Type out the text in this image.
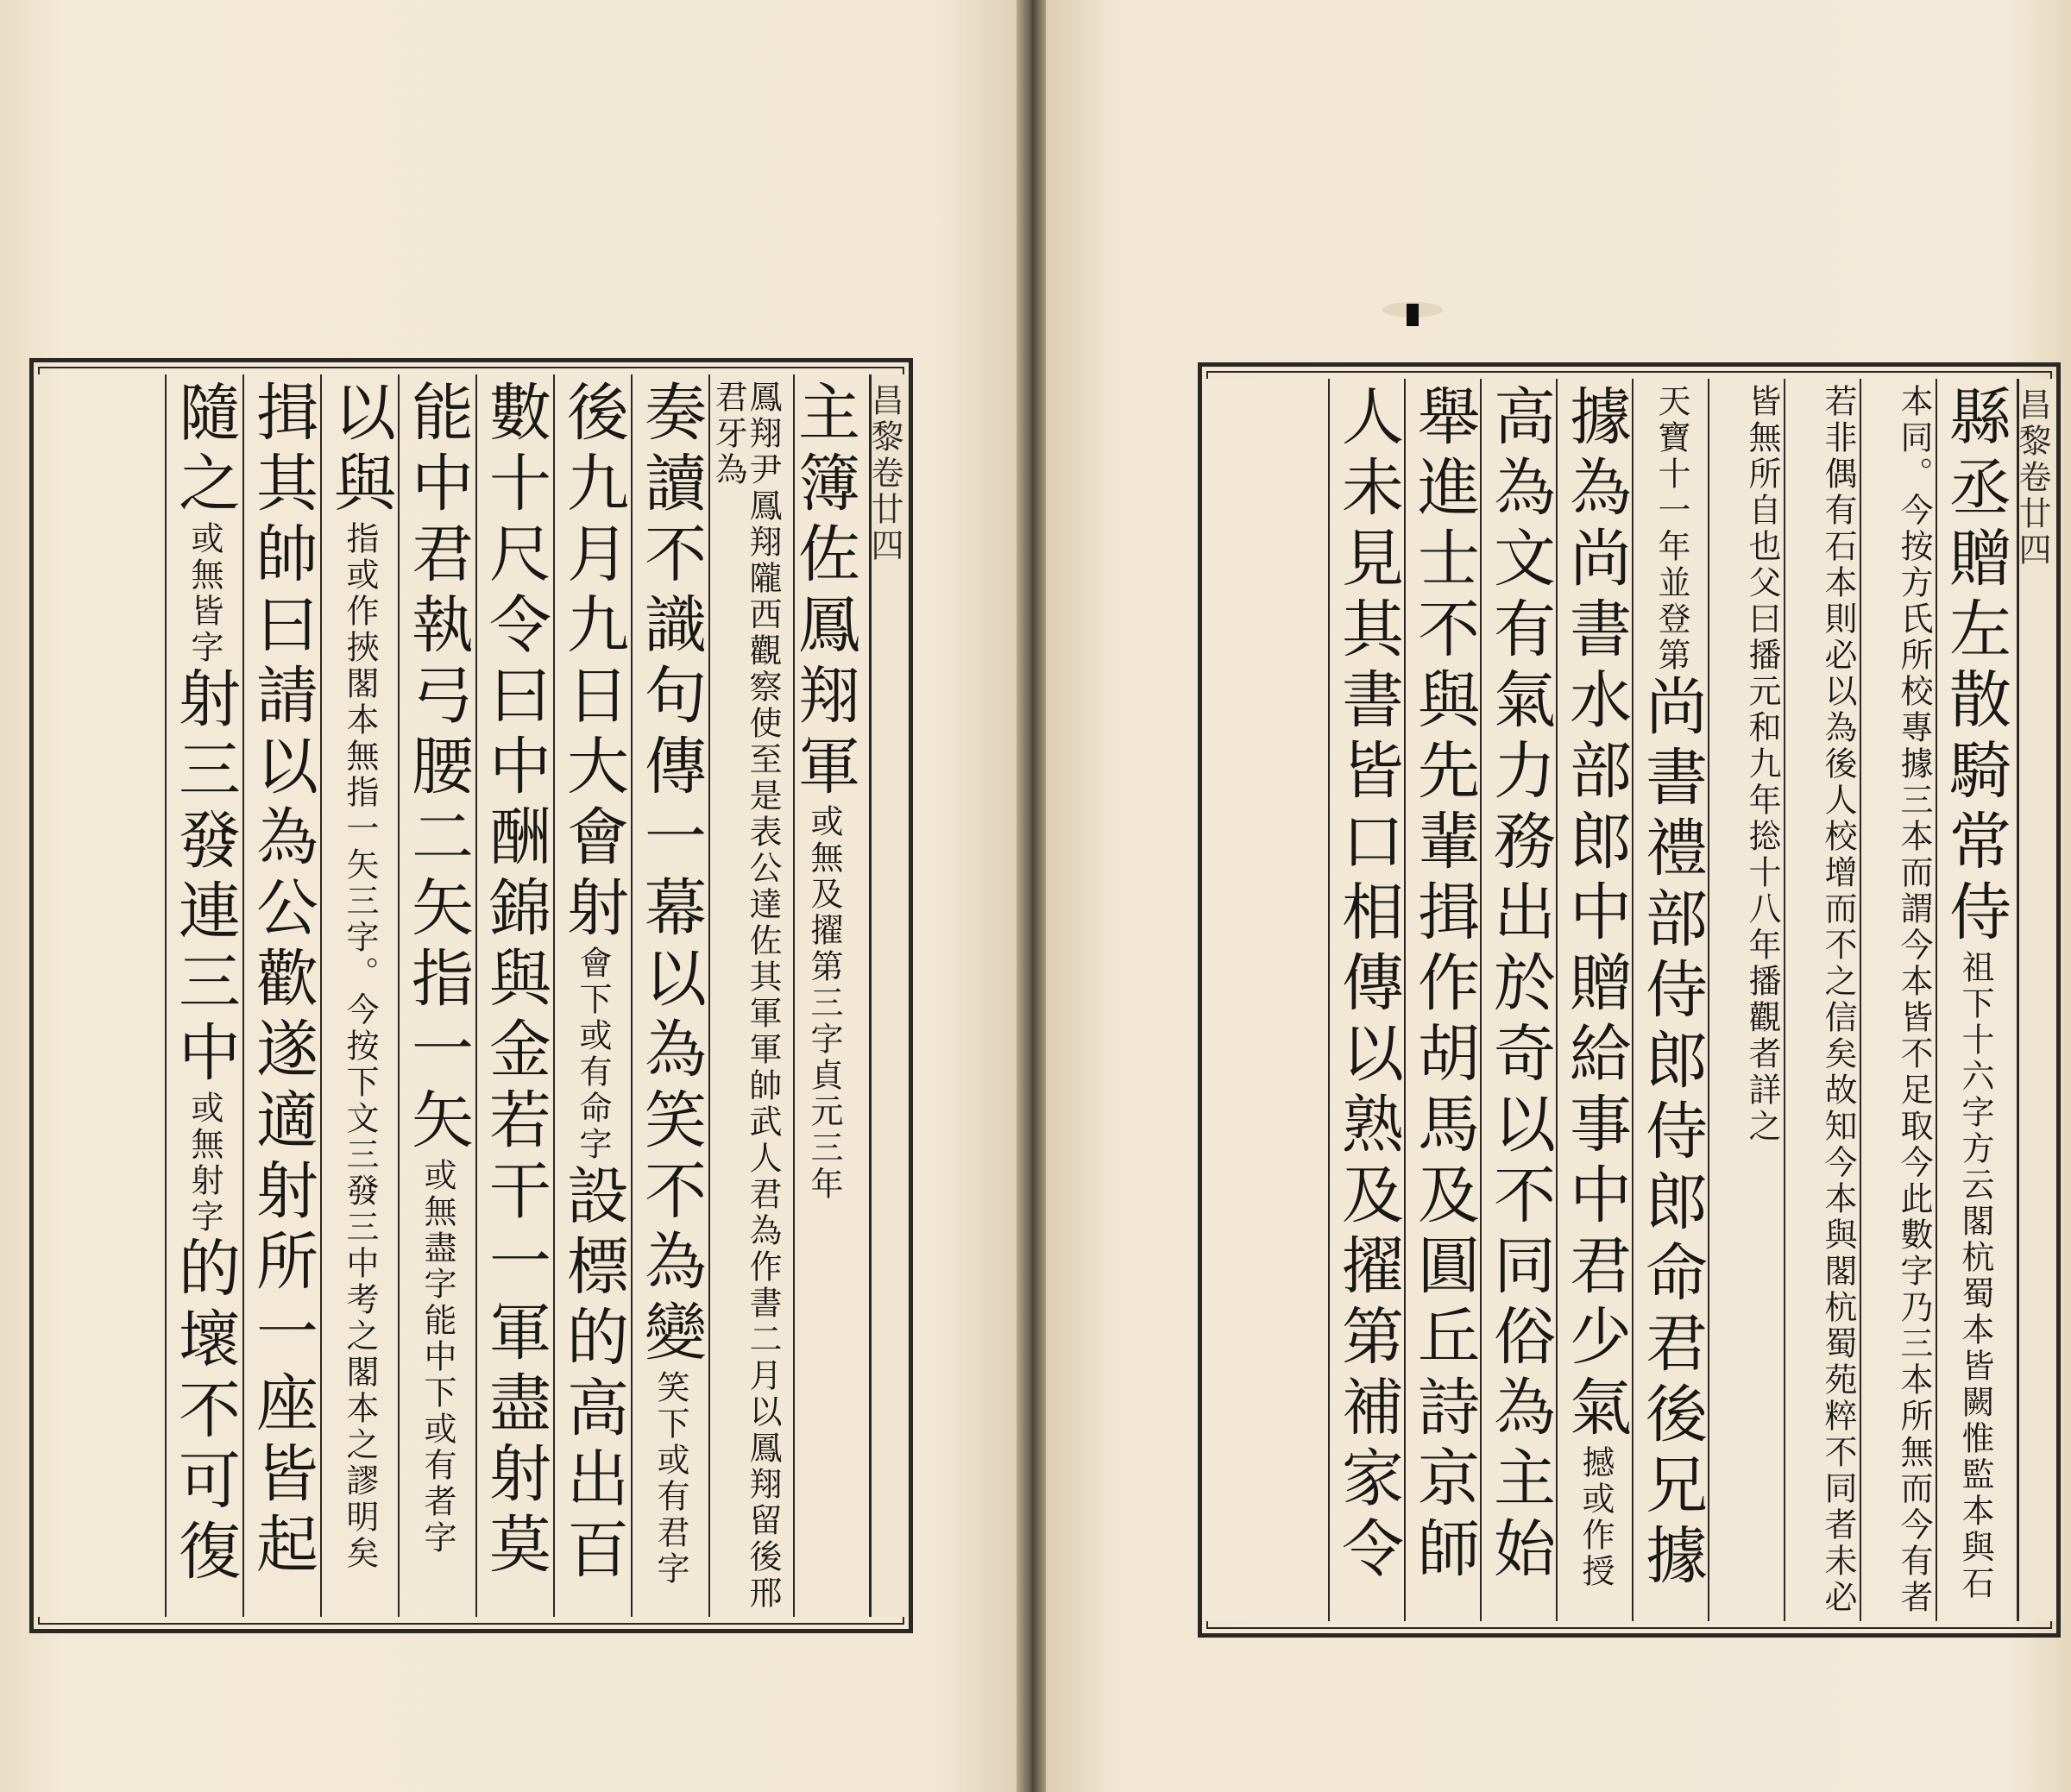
昌黎卷廿四
主簿佐鳳翔軍或無及擢第三字貞元三年
鳳翔尹鳳翔隴西觀察使至是表公達佐其軍軍帥武人君為作書二月以鳳翔留後邢君牙為
奏讀不識句傳一幕以為笑不為變笑下或有君字
後九月九日大會射會下或有命字設標的高出百
數十尺令曰中酬錦與金若干一軍盡射莫
能中君執弓腰二矢指一矢或無盡字能中下或有者字
以與指或作挾閣本無指一矢三字。今按下文三發三中考之閣本之謬明矣
揖其帥曰請以為公歡遂適射所一座皆起
隨之或無皆字射三發連三中或無射字的壞不可復
昌黎卷廿四
縣丞贈左散騎常侍祖下十六字方云閣杭蜀本皆闕惟監本與石
本同。今按方氏所校專據三本而謂今本皆不足取今此數字乃三本所無而今有者
若非偶有石本則必以為後人校增而不之信矣故知今本與閣杭蜀苑粹不同者未必
皆無所自也父曰播元和九年捴十八年播觀者詳之
天寶十一年並登第尚書禮部侍郎侍郎命君後兄據
據為尚書水部郎中贈給事中君少氣撼或作授
高為文有氣力務出於奇以不同俗為主始
舉進士不與先輩揖作胡馬及圓丘詩京師
人未見其書皆口相傳以熟及擢第補家令
